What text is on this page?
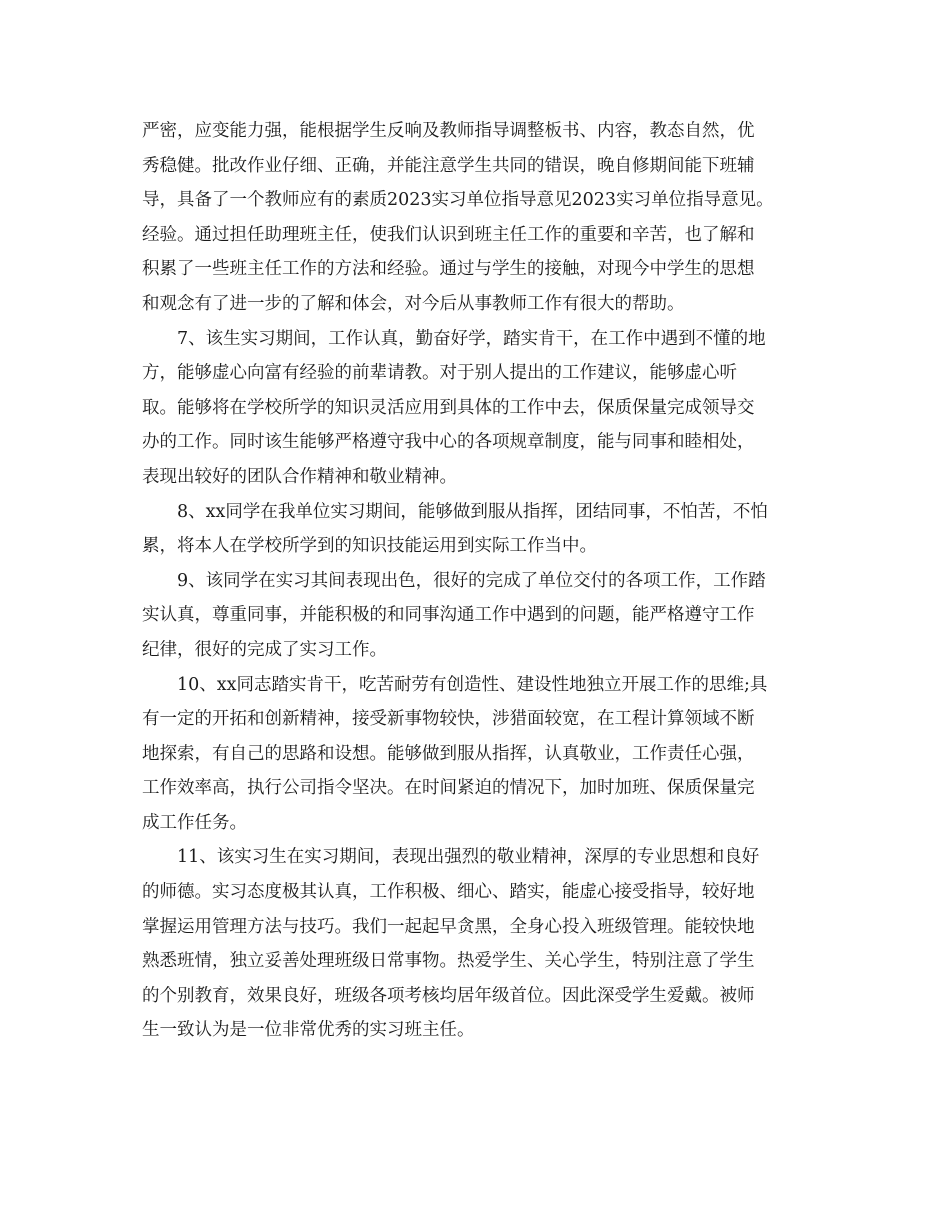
严密，应变能力强，能根据学生反响及教师指导调整板书、内容，教态自然，优

秀稳健。批改作业仔细、正确，并能注意学生共同的错误，晚自修期间能下班辅

导，具备了一个教师应有的素质2023实习单位指导意见2023实习单位指导意见。

经验。通过担任助理班主任，使我们认识到班主任工作的重要和辛苦，也了解和

积累了一些班主任工作的方法和经验。通过与学生的接触，对现今中学生的思想

和观念有了进一步的了解和体会，对今后从事教师工作有很大的帮助。

7、该生实习期间，工作认真，勤奋好学，踏实肯干，在工作中遇到不懂的地

方，能够虚心向富有经验的前辈请教。对于别人提出的工作建议，能够虚心听

取。能够将在学校所学的知识灵活应用到具体的工作中去，保质保量完成领导交

办的工作。同时该生能够严格遵守我中心的各项规章制度，能与同事和睦相处，

表现出较好的团队合作精神和敬业精神。

8、xx同学在我单位实习期间，能够做到服从指挥，团结同事，不怕苦，不怕

累，将本人在学校所学到的知识技能运用到实际工作当中。

9、该同学在实习其间表现出色，很好的完成了单位交付的各项工作，工作踏

实认真，尊重同事，并能积极的和同事沟通工作中遇到的问题，能严格遵守工作

纪律，很好的完成了实习工作。

10、xx同志踏实肯干，吃苦耐劳有创造性、建设性地独立开展工作的思维;具

有一定的开拓和创新精神，接受新事物较快，涉猎面较宽，在工程计算领域不断

地探索，有自己的思路和设想。能够做到服从指挥，认真敬业，工作责任心强，

工作效率高，执行公司指令坚决。在时间紧迫的情况下，加时加班、保质保量完

成工作任务。

11、该实习生在实习期间，表现出强烈的敬业精神，深厚的专业思想和良好

的师德。实习态度极其认真，工作积极、细心、踏实，能虚心接受指导，较好地

掌握运用管理方法与技巧。我们一起起早贪黑，全身心投入班级管理。能较快地

熟悉班情，独立妥善处理班级日常事物。热爱学生、关心学生，特别注意了学生

的个别教育，效果良好，班级各项考核均居年级首位。因此深受学生爱戴。被师

生一致认为是一位非常优秀的实习班主任。
